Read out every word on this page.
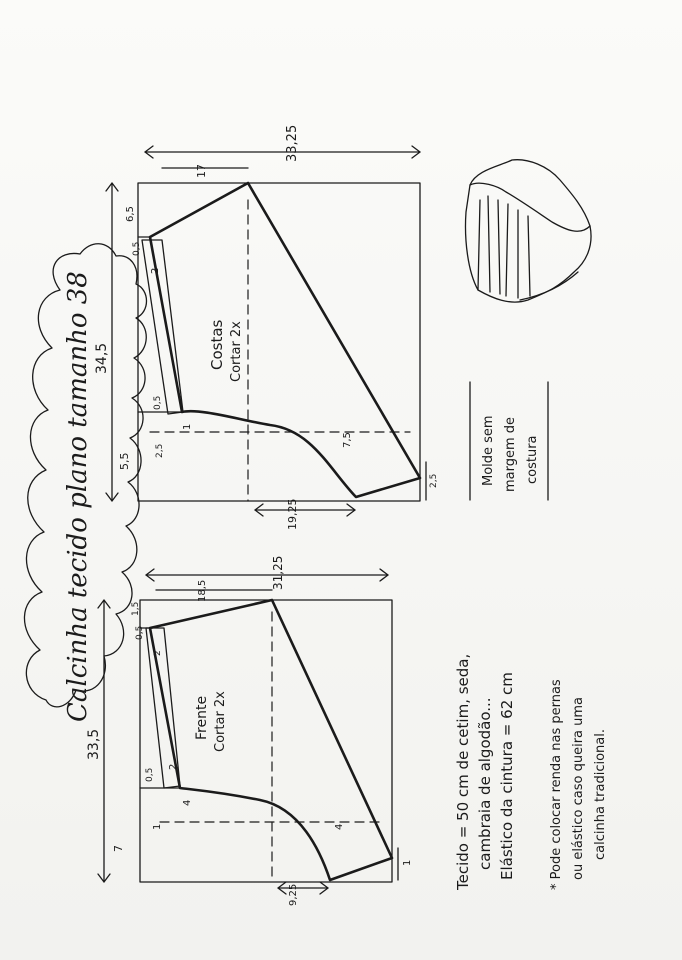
Calcinha tecido plano tamanho 38	Costas Cortar 2x
33,25
34,5
17
6,5
0,5
2
0,5
1
2,5
5,5
19,25
7,5
2,5
Frente Cortar 2x
31,25
33,5
18,5
1,5
0,5
2
0,5
2
4
1
7
4
9,25
1
Molde sem margem de costura
Tecido = 50 cm de cetim, seda, cambraia de algodão... Elástico da cintura = 62 cm	* Pode colocar renda nas pernas ou elástico caso queira uma calcinha tradicional.
